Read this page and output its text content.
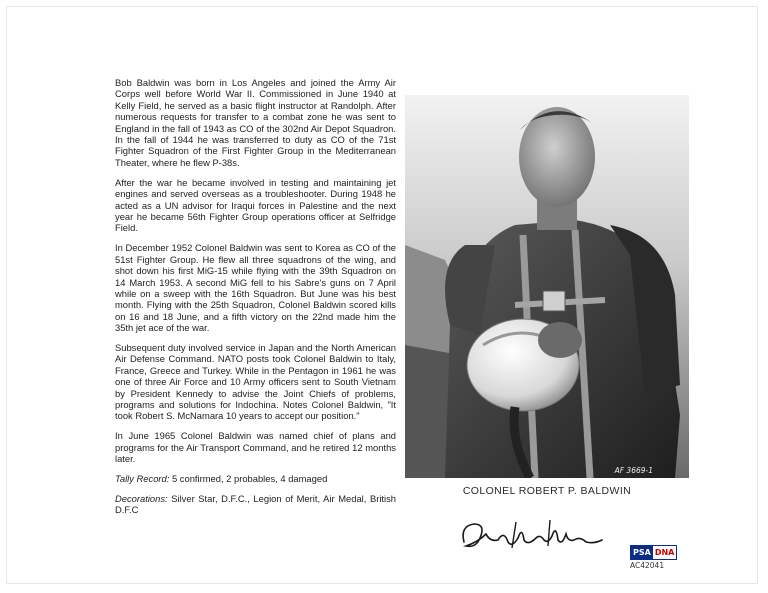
Bob Baldwin was born in Los Angeles and joined the Army Air Corps well before World War II. Commissioned in June 1940 at Kelly Field, he served as a basic flight instructor at Randolph. After numerous requests for transfer to a combat zone he was sent to England in the fall of 1943 as CO of the 302nd Air Depot Squadron. In the fall of 1944 he was transferred to duty as CO of the 71st Fighter Squadron of the First Fighter Group in the Mediterranean Theater, where he flew P-38s.

After the war he became involved in testing and maintaining jet engines and served overseas as a troubleshooter. During 1948 he acted as a UN advisor for Iraqui forces in Palestine and the next year he became 56th Fighter Group operations officer at Selfridge Field.

In December 1952 Colonel Baldwin was sent to Korea as CO of the 51st Fighter Group. He flew all three squadrons of the wing, and shot down his first MiG-15 while flying with the 39th Squadron on 14 March 1953. A second MiG fell to his Sabre's guns on 7 April while on a sweep with the 16th Squadron. But June was his best month. Flying with the 25th Squadron, Colonel Baldwin scored kills on 16 and 18 June, and a fifth victory on the 22nd made him the 35th jet ace of the war.

Subsequent duty involved service in Japan and the North American Air Defense Command. NATO posts took Colonel Baldwin to Italy, France, Greece and Turkey. While in the Pentagon in 1961 he was one of three Air Force and 10 Army officers sent to South Vietnam by President Kennedy to advise the Joint Chiefs of problems, programs and solutions for Indochina. Notes Colonel Baldwin, "It took Robert S. McNamara 10 years to accept our position."

In June 1965 Colonel Baldwin was named chief of plans and programs for the Air Transport Command, and he retired 12 months later.

Tally Record: 5 confirmed, 2 probables, 4 damaged

Decorations: Silver Star, D.F.C., Legion of Merit, Air Medal, British D.F.C

AF 3669-1
COLONEL ROBERT P. BALDWIN
PSA DNA
AC42041
